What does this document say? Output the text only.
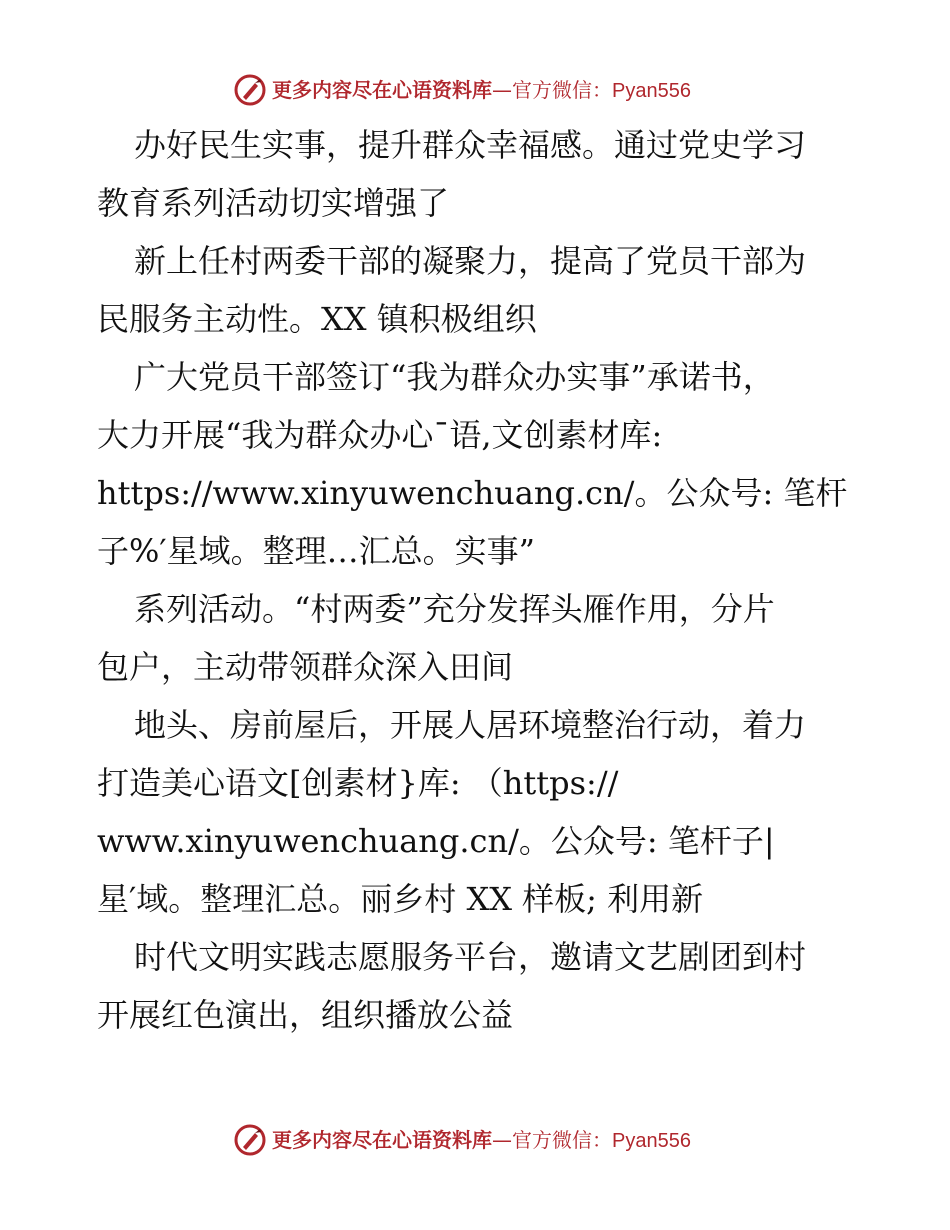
更多内容尽在心语资料库—官方微信：Pyan556
办好民生实事，提升群众幸福感。通过党史学习
教育系列活动切实增强了
新上任村两委干部的凝聚力，提高了党员干部为
民服务主动性。XX 镇积极组织
广大党员干部签订“我为群众办实事”承诺书，
大力开展“我为群众办心¯语,文创素材库:
https://www.xinyuwenchuang.cn/。公众号: 笔杆
子%′星域。整理…汇总。实事”
系列活动。“村两委”充分发挥头雁作用，分片
包户，主动带领群众深入田间
地头、房前屋后，开展人居环境整治行动，着力
打造美心语文[创素材}库: （https://
www.xinyuwenchuang.cn/。公众号: 笔杆子|
星′域。整理汇总。丽乡村 XX 样板; 利用新
时代文明实践志愿服务平台，邀请文艺剧团到村
开展红色演出，组织播放公益
更多内容尽在心语资料库—官方微信：Pyan556
